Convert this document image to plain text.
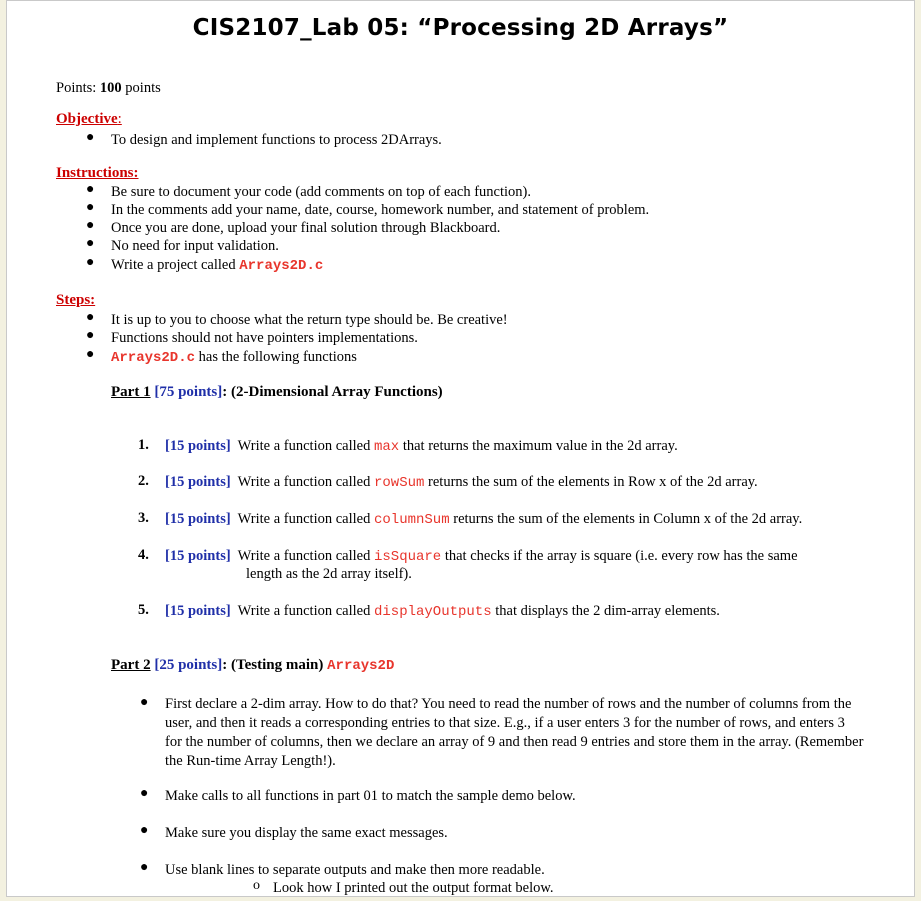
CIS2107_Lab 05: “Processing 2D Arrays”
Points: 100 points
Objective:
● To design and implement functions to process 2DArrays.
Instructions:
● Be sure to document your code (add comments on top of each function).
● In the comments add your name, date, course, homework number, and statement of problem.
● Once you are done, upload your final solution through Blackboard.
● No need for input validation.
● Write a project called Arrays2D.c
Steps:
● It is up to you to choose what the return type should be. Be creative!
● Functions should not have pointers implementations.
● Arrays2D.c has the following functions
Part 1 [75 points]: (2-Dimensional Array Functions)
1. [15 points] Write a function called max that returns the maximum value in the 2d array.
2. [15 points] Write a function called rowSum returns the sum of the elements in Row x of the 2d array.
3. [15 points] Write a function called columnSum returns the sum of the elements in Column x of the 2d array.
4. [15 points] Write a function called isSquare that checks if the array is square (i.e. every row has the same
length as the 2d array itself).
5. [15 points] Write a function called displayOutputs that displays the 2 dim-array elements.
Part 2 [25 points]: (Testing main) Arrays2D
● First declare a 2-dim array. How to do that? You need to read the number of rows and the number of columns from the user, and then it reads a corresponding entries to that size. E.g., if a user enters 3 for the number of rows, and enters 3 for the number of columns, then we declare an array of 9 and then read 9 entries and store them in the array. (Remember the Run-time Array Length!).
● Make calls to all functions in part 01 to match the sample demo below.
● Make sure you display the same exact messages.
● Use blank lines to separate outputs and make then more readable.
o Look how I printed out the output format below.
